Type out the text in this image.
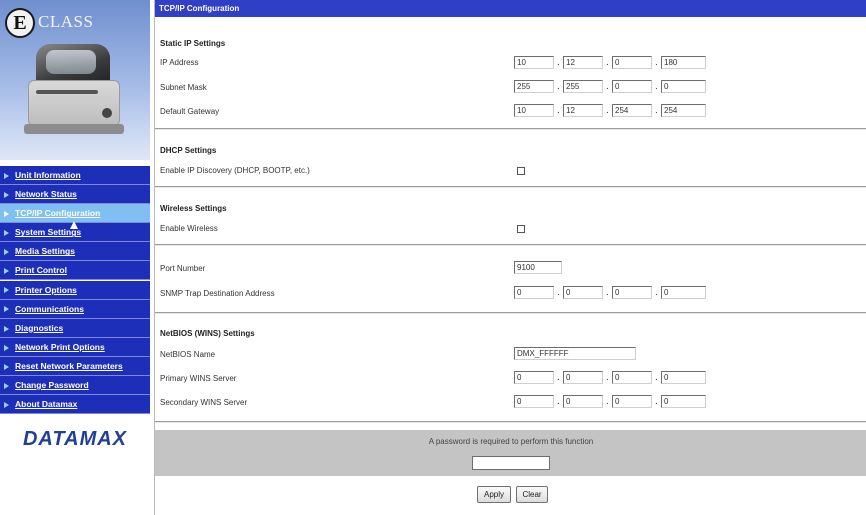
E CLASS
Unit Information
Network Status
TCP/IP Configuration
System Settings
Media Settings
Print Control
Printer Options
Communications
Diagnostics
Network Print Options
Reset Network Parameters
Change Password
About Datamax
DATAMAX
TCP/IP Configuration
Static IP Settings
IP Address	10	. 12	. 0	. 180
Subnet Mask	255	. 255	. 0	. 0
Default Gateway	10	. 12	. 254	. 254
DHCP Settings
Enable IP Discovery (DHCP, BOOTP, etc.)
Wireless Settings
Enable Wireless
Port Number	9100
SNMP Trap Destination Address	0	. 0	. 0	. 0
NetBIOS (WINS) Settings
NetBIOS Name	DMX_FFFFFF
Primary WINS Server	0	. 0	. 0	. 0
Secondary WINS Server	0	. 0	. 0	. 0
A password is required to perform this function
Apply	Clear
